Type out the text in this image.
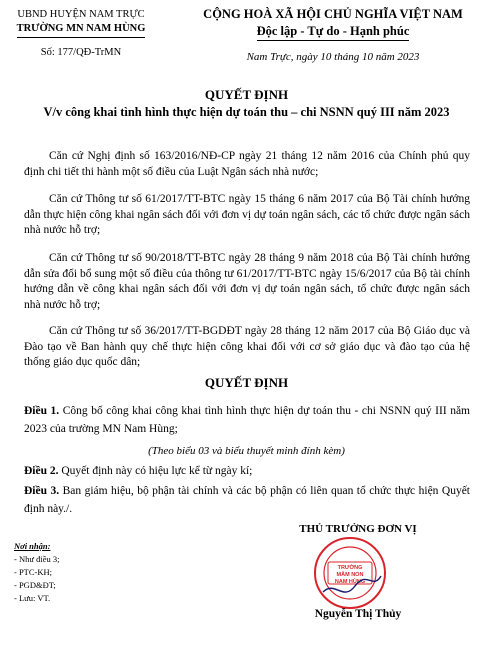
UBND HUYỆN NAM TRỰC
TRƯỜNG MN NAM HÙNG
Số: 177/QĐ-TrMN
CỘNG HOÀ XÃ HỘI CHỦ NGHĨA VIỆT NAM
Độc lập - Tự do - Hạnh phúc
Nam Trực, ngày 10 tháng 10 năm 2023
QUYẾT ĐỊNH
V/v công khai tình hình thực hiện dự toán thu – chi NSNN quý III năm 2023
Căn cứ Nghị định số 163/2016/NĐ-CP ngày 21 tháng 12 năm 2016 của Chính phủ quy định chi tiết thi hành một số điều của Luật Ngân sách nhà nước;
Căn cứ Thông tư số 61/2017/TT-BTC ngày 15 tháng 6 năm 2017 của Bộ Tài chính hướng dẫn thực hiện công khai ngân sách đối với đơn vị dự toán ngân sách, các tổ chức được ngân sách nhà nước hỗ trợ;
Căn cứ Thông tư số 90/2018/TT-BTC ngày 28 tháng 9 năm 2018 của Bộ Tài chính hướng dẫn sửa đổi bổ sung một số điều của thông tư 61/2017/TT-BTC ngày 15/6/2017 của Bộ tài chính hướng dẫn về công khai ngân sách đối với đơn vị dự toán ngân sách, tổ chức được ngân sách nhà nước hỗ trợ;
Căn cứ Thông tư số 36/2017/TT-BGDĐT ngày 28 tháng 12 năm 2017 của Bộ Giáo dục và Đào tạo về Ban hành quy chế thực hiện công khai đối với cơ sở giáo dục và đào tạo của hệ thống giáo dục quốc dân;
QUYẾT ĐỊNH
Điều 1. Công bố công khai công khai tình hình thực hiện dự toán thu - chi NSNN quý III năm 2023 của trường MN Nam Hùng;
(Theo biểu 03 và biểu thuyết minh đính kèm)
Điều 2. Quyết định này có hiệu lực kể từ ngày kí;
Điều 3. Ban giám hiệu, bộ phận tài chính và các bộ phận có liên quan tổ chức thực hiện Quyết định này./.
Nơi nhận:
- Như điều 3;
- PTC-KH;
- PGD&ĐT;
- Lưu: VT.
THỦ TRƯỞNG ĐƠN VỊ
TRƯỜNG
MẦM NON
NAM HÙNG
Nguyễn Thị Thủy
